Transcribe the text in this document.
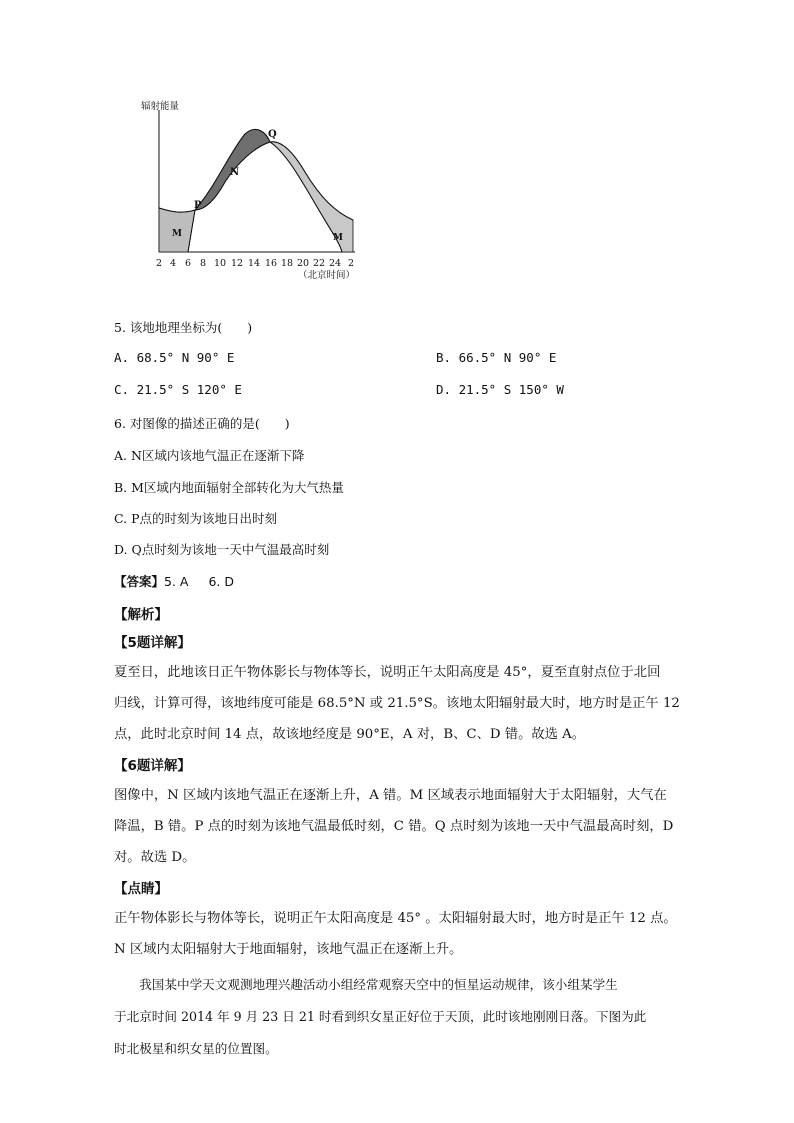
辐射能量
P
Q
N
M	M
2 4 6 8 10 12 14 16 18 20 22 24 2
（北京时间）
5. 该地地理坐标为(　　)
A. 68.5° N 90° E	B. 66.5° N 90° E
C. 21.5° S 120° E	D. 21.5° S 150° W
6. 对图像的描述正确的是(　　)
A. N区域内该地气温正在逐渐下降
B. M区域内地面辐射全部转化为大气热量
C. P点的时刻为该地日出时刻
D. Q点时刻为该地一天中气温最高时刻
【答案】5. A 6. D
【解析】
【5题详解】
夏至日，此地该日正午物体影长与物体等长，说明正午太阳高度是 45°，夏至直射点位于北回
归线，计算可得，该地纬度可能是 68.5°N 或 21.5°S。该地太阳辐射最大时，地方时是正午 12
点，此时北京时间 14 点，故该地经度是 90°E，A 对，B、C、D 错。故选 A。
【6题详解】
图像中，N 区域内该地气温正在逐渐上升，A 错。M 区域表示地面辐射大于太阳辐射，大气在
降温，B 错。P 点的时刻为该地气温最低时刻，C 错。Q 点时刻为该地一天中气温最高时刻，D
对。故选 D。
【点睛】
正午物体影长与物体等长，说明正午太阳高度是 45° 。太阳辐射最大时，地方时是正午 12 点。
N 区域内太阳辐射大于地面辐射，该地气温正在逐渐上升。
　　我国某中学天文观测地理兴趣活动小组经常观察天空中的恒星运动规律，该小组某学生
于北京时间 2014 年 9 月 23 日 21 时看到织女星正好位于天顶，此时该地刚刚日落。下图为此
时北极星和织女星的位置图。
